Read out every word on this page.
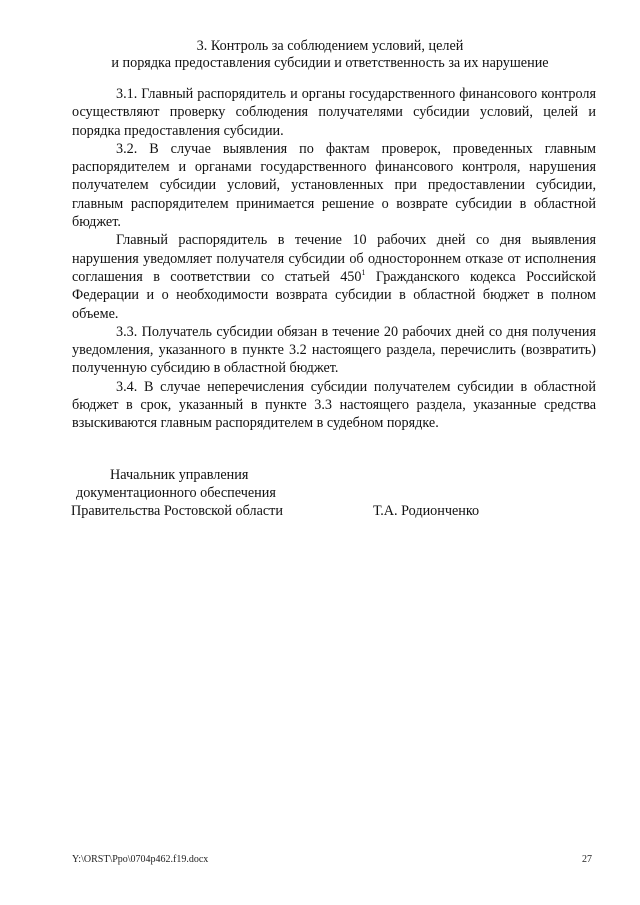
3. Контроль за соблюдением условий, целей
и порядка предоставления субсидии и ответственность за их нарушение

3.1. Главный распорядитель и органы государственного финансового контроля осуществляют проверку соблюдения получателями субсидии условий, целей и порядка предоставления субсидии.

3.2. В случае выявления по фактам проверок, проведенных главным распорядителем и органами государственного финансового контроля, нарушения получателем субсидии условий, установленных при предоставлении субсидии, главным распорядителем принимается решение о возврате субсидии в областной бюджет.

Главный распорядитель в течение 10 рабочих дней со дня выявления нарушения уведомляет получателя субсидии об одностороннем отказе от исполнения соглашения в соответствии со статьей $450^1$ Гражданского кодекса Российской Федерации и о необходимости возврата субсидии в областной бюджет в полном объеме.

3.3. Получатель субсидии обязан в течение 20 рабочих дней со дня получения уведомления, указанного в пункте 3.2 настоящего раздела, перечислить (возвратить) полученную субсидию в областной бюджет.

3.4. В случае неперечисления субсидии получателем субсидии в областной бюджет в срок, указанный в пункте 3.3 настоящего раздела, указанные средства взыскиваются главным распорядителем в судебном порядке.

Начальник управления
документационного обеспечения
Правительства Ростовской области	Т.А. Родионченко
Y:\ORST\Ppo\0704p462.f19.docx	27
